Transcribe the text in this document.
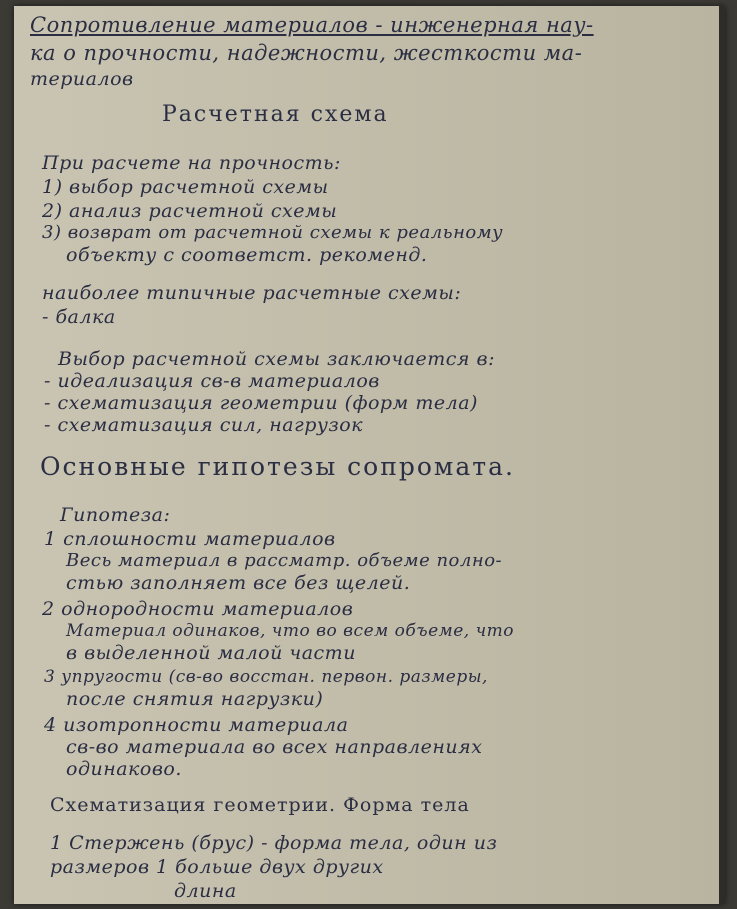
Сопротивление материалов - инженерная нау-
ка о прочности, надежности, жесткости ма-
териалов
Расчетная схема
При расчете на прочность:
1) выбор расчетной схемы
2) анализ расчетной схемы
3) возврат от расчетной схемы к реальному
объекту с соответст. рекоменд.
наиболее типичные расчетные схемы:
- балка
Выбор расчетной схемы заключается в:
- идеализация св-в материалов
- схематизация геометрии (форм тела)
- схематизация сил, нагрузок
Основные гипотезы сопромата.
Гипотеза:
1 сплошности материалов
Весь материал в рассматр. объеме полно-
стью заполняет все без щелей.
2 однородности материалов
Материал одинаков, что во всем объеме, что
в выделенной малой части
3 упругости (св-во восстан. первон. размеры,
после снятия нагрузки)
4 изотропности материала
св-во материала во всех направлениях
одинаково.
Схематизация геометрии. Форма тела
1 Стержень (брус) - форма тела, один из
размеров 1 больше двух других
длина
